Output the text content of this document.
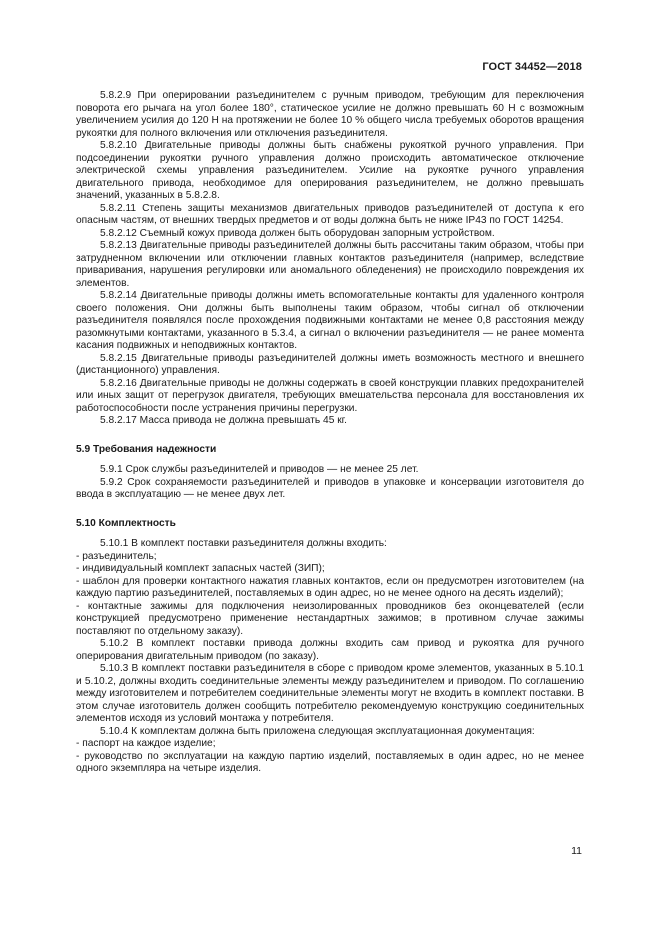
ГОСТ 34452—2018

5.8.2.9 При оперировании разъединителем с ручным приводом, требующим для переключения поворота его рычага на угол более 180°, статическое усилие не должно превышать 60 Н с возможным увеличением усилия до 120 Н на протяжении не более 10 % общего числа требуемых оборотов вращения рукоятки для полного включения или отключения разъединителя.

5.8.2.10 Двигательные приводы должны быть снабжены рукояткой ручного управления. При подсоединении рукоятки ручного управления должно происходить автоматическое отключение электрической схемы управления разъединителем. Усилие на рукоятке ручного управления двигательного привода, необходимое для оперирования разъединителем, не должно превышать значений, указанных в 5.8.2.8.

5.8.2.11 Степень защиты механизмов двигательных приводов разъединителей от доступа к его опасным частям, от внешних твердых предметов и от воды должна быть не ниже IP43 по ГОСТ 14254.

5.8.2.12 Съемный кожух привода должен быть оборудован запорным устройством.

5.8.2.13 Двигательные приводы разъединителей должны быть рассчитаны таким образом, чтобы при затрудненном включении или отключении главных контактов разъединителя (например, вследствие приваривания, нарушения регулировки или аномального обледенения) не происходило повреждения их элементов.

5.8.2.14 Двигательные приводы должны иметь вспомогательные контакты для удаленного контроля своего положения. Они должны быть выполнены таким образом, чтобы сигнал об отключении разъединителя появлялся после прохождения подвижными контактами не менее 0,8 расстояния между разомкнутыми контактами, указанного в 5.3.4, а сигнал о включении разъединителя — не ранее момента касания подвижных и неподвижных контактов.

5.8.2.15 Двигательные приводы разъединителей должны иметь возможность местного и внешнего (дистанционного) управления.

5.8.2.16 Двигательные приводы не должны содержать в своей конструкции плавких предохранителей или иных защит от перегрузок двигателя, требующих вмешательства персонала для восстановления их работоспособности после устранения причины перегрузки.

5.8.2.17 Масса привода не должна превышать 45 кг.

5.9 Требования надежности

5.9.1 Срок службы разъединителей и приводов — не менее 25 лет.

5.9.2 Срок сохраняемости разъединителей и приводов в упаковке и консервации изготовителя до ввода в эксплуатацию — не менее двух лет.

5.10 Комплектность

5.10.1 В комплект поставки разъединителя должны входить:

- разъединитель;

- индивидуальный комплект запасных частей (ЗИП);

- шаблон для проверки контактного нажатия главных контактов, если он предусмотрен изготовителем (на каждую партию разъединителей, поставляемых в один адрес, но не менее одного на десять изделий);

- контактные зажимы для подключения неизолированных проводников без оконцевателей (если конструкцией предусмотрено применение нестандартных зажимов; в противном случае зажимы поставляют по отдельному заказу).

5.10.2 В комплект поставки привода должны входить сам привод и рукоятка для ручного оперирования двигательным приводом (по заказу).

5.10.3 В комплект поставки разъединителя в сборе с приводом кроме элементов, указанных в 5.10.1 и 5.10.2, должны входить соединительные элементы между разъединителем и приводом. По соглашению между изготовителем и потребителем соединительные элементы могут не входить в комплект поставки. В этом случае изготовитель должен сообщить потребителю рекомендуемую конструкцию соединительных элементов исходя из условий монтажа у потребителя.

5.10.4 К комплектам должна быть приложена следующая эксплуатационная документация:

- паспорт на каждое изделие;

- руководство по эксплуатации на каждую партию изделий, поставляемых в один адрес, но не менее одного экземпляра на четыре изделия.

11
